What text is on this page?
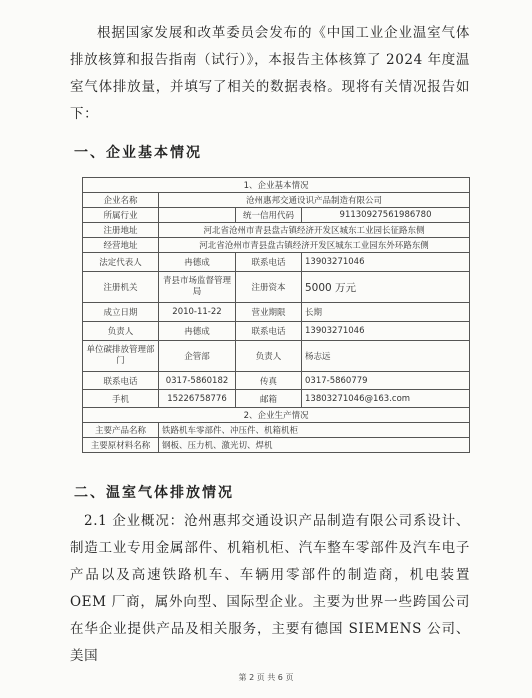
根据国家发展和改革委员会发布的《中国工业企业温室气体排放核算和报告指南（试行）》，本报告主体核算了 2024 年度温室气体排放量，并填写了相关的数据表格。现将有关情况报告如下：
一、企业基本情况
1、企业基本情况			
企业名称	沧州惠邦交通设识产品制造有限公司		
所属行业		统一信用代码	91130927561986780
注册地址	河北省沧州市青县盘古镇经济开发区城东工业园长征路东侧		
经营地址	河北省沧州市青县盘古镇经济开发区城东工业园东外环路东侧		
法定代表人	冉德成	联系电话	13903271046
注册机关	青县市场监督管理局	注册资本	5000 万元
成立日期	2010-11-22	营业期限	长期
负责人	冉德成	联系电话	13903271046
单位碳排放管理部门	企管部	负责人	杨志远
联系电话	0317-5860182	传真	0317-5860779
手机	15226758776	邮箱	13803271046@163.com
2、企业生产情况			
主要产品名称	铁路机车零部件、冲压件、机箱机柜		
主要原材料名称	钢板、压力机、激光切、焊机		
二、温室气体排放情况
2.1 企业概况：沧州惠邦交通设识产品制造有限公司系设计、制造工业专用金属部件、机箱机柜、汽车整车零部件及汽车电子产品以及高速铁路机车、车辆用零部件的制造商，机电装置 OEM 厂商，属外向型、国际型企业。主要为世界一些跨国公司在华企业提供产品及相关服务，主要有德国 SIEMENS 公司、美国
第 2 页 共 6 页
